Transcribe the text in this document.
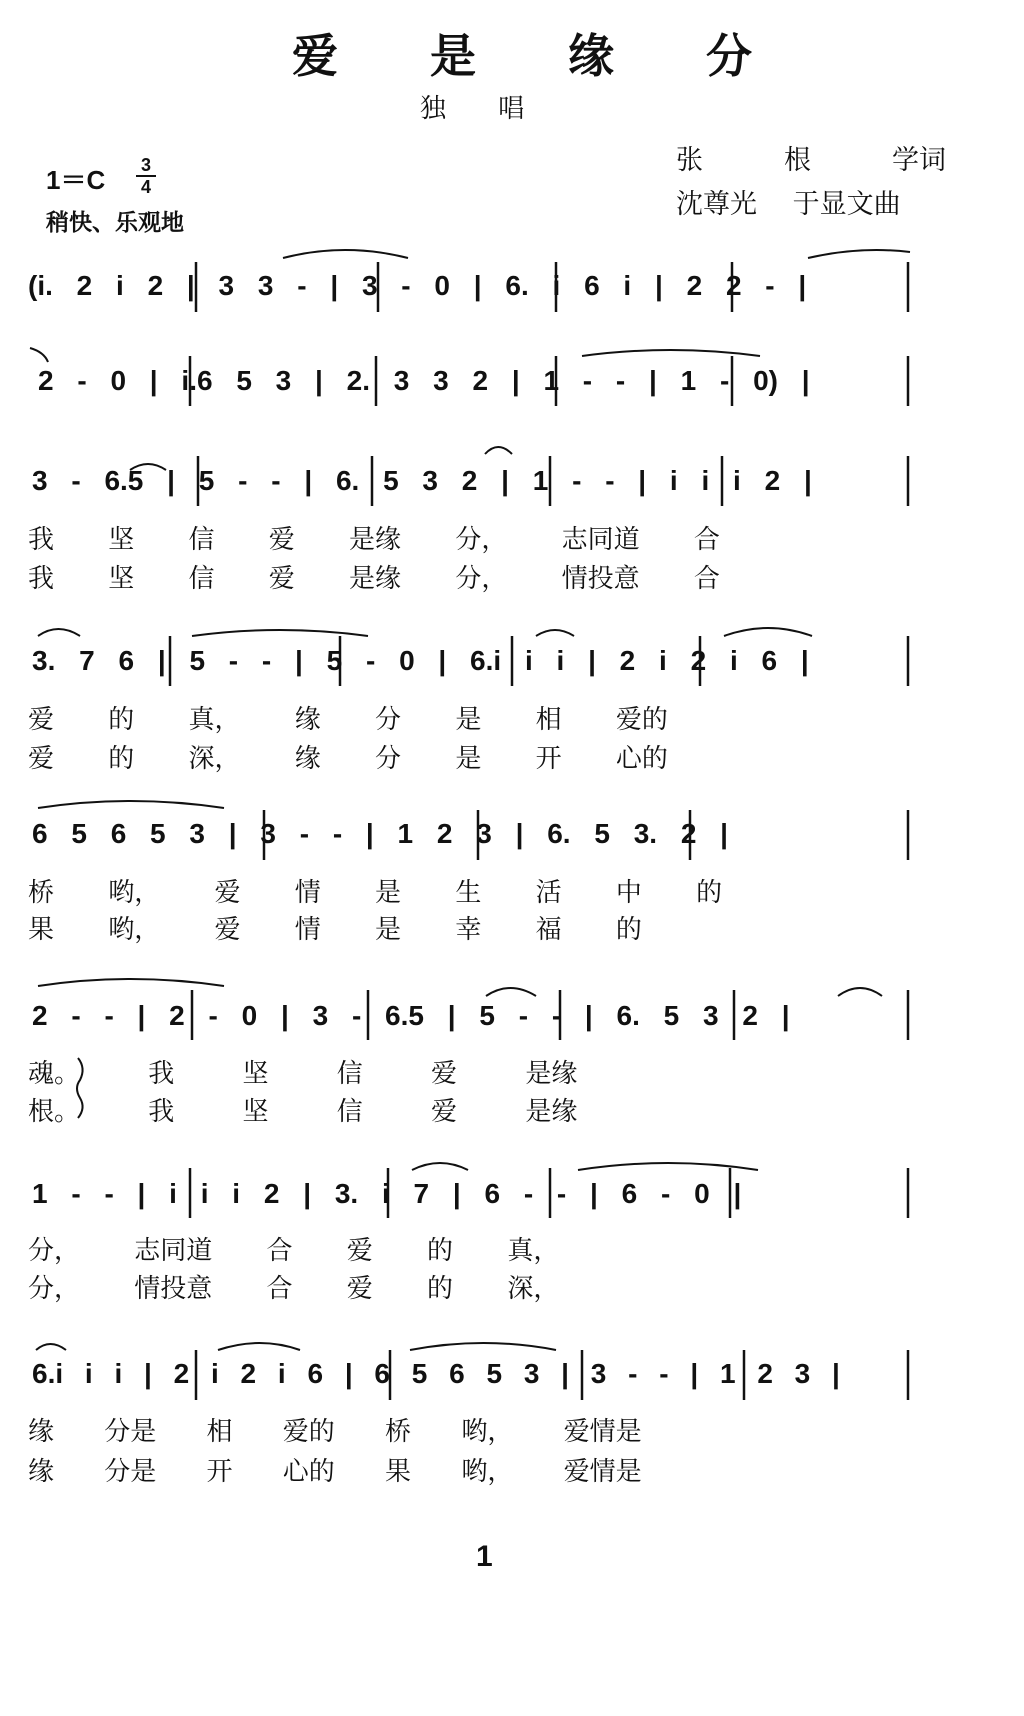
爱 是 缘 分
独 唱
张　　　根　　　学词
沈尊光　 于显文曲
1＝C 3
4
稍快、乐观地
(i. 2 i 2 | 3 3 - | 3 - 0 | 6. i 6 i | 2 2 - |
2 - 0 | i.6 5 3 | 2. 3 3 2 | 1 - - | 1 - 0) |
3 - 6.5 | 5 - - | 6. 5 3 2 | 1 - - | i i i 2 |
我 坚 信 爱 是缘 分， 志同道 合
我 坚 信 爱 是缘 分， 情投意 合
3. 7 6 | 5 - - | 5 - 0 | 6.i i i | 2 i 2 i 6 |
爱 的 真， 缘 分 是 相 爱的
爱 的 深， 缘 分 是 开 心的
6 5 6 5 3 | 3 - - | 1 2 3 | 6. 5 3. 2 |
桥 哟， 爱 情 是 生 活 中 的
果 哟， 爱 情 是 幸 福 的
2 - - | 2 - 0 | 3 - 6.5 | 5 - - | 6. 5 3 2 |
魂。 我 坚 信 爱 是缘
根。 我 坚 信 爱 是缘
1 - - | i i i 2 | 3. i 7 | 6 - - | 6 - 0 |
分， 志同道 合 爱 的 真，
分， 情投意 合 爱 的 深，
6.i i i | 2 i 2 i 6 | 6 5 6 5 3 | 3 - - | 1 2 3 |
缘 分是 相 爱的 桥 哟， 爱情是
缘 分是 开 心的 果 哟， 爱情是
1
